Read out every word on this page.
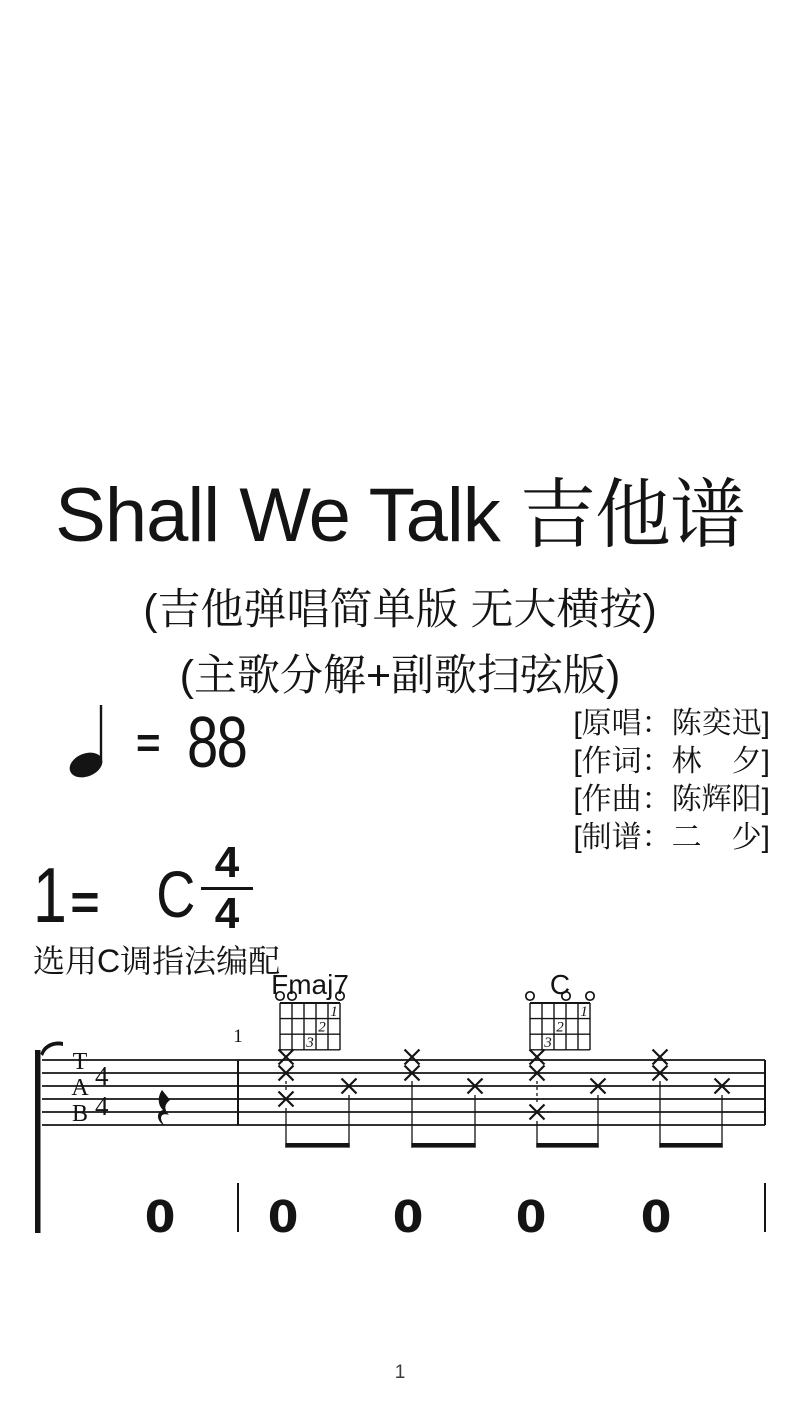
Shall We Talk 吉他谱
(吉他弹唱简单版 无大横按)
(主歌分解+副歌扫弦版)
= 88	[原唱：陈奕迅]
[作词：林　夕]
[作曲：陈辉阳]
[制谱：二　少]
1 = C 4
4
选用C调指法编配
Fmaj7
1
2
3
C
1
2
3
1
T
A
B
4
4
0 0 0 0 0
1
